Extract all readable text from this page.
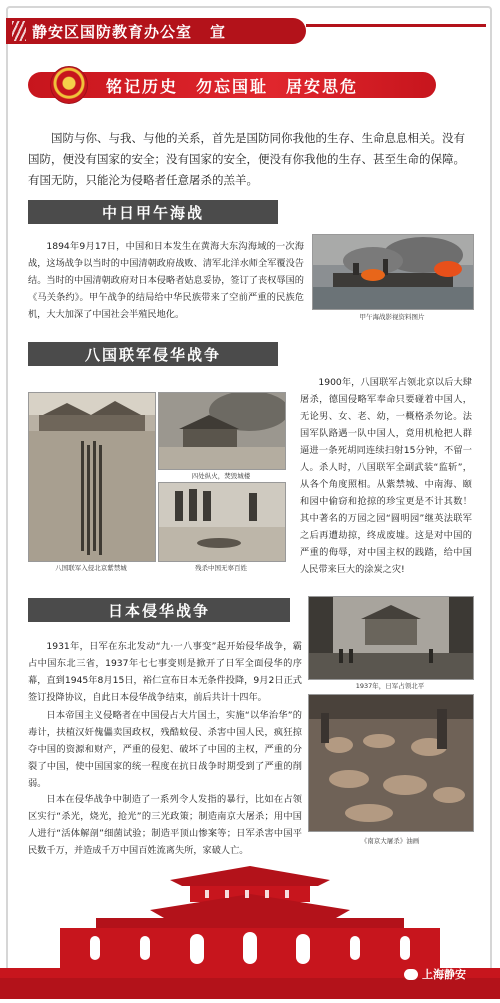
静安区国防教育办公室 宣
铭记历史　勿忘国耻　居安思危

国防与你、与我、与他的关系，首先是国防同你我他的生存、生命息息相关。没有国防，便没有国家的安全；没有国家的安全，便没有你我他的生存、甚至生命的保障。有国无防，只能沦为侵略者任意屠杀的羔羊。

中日甲午海战

1894年9月17日，中国和日本发生在黄海大东沟海域的一次海战，这场战争以当时的中国清朝政府战败、清军北洋水师全军覆没告结。当时的中国清朝政府对日本侵略者姑息妥协，签订了丧权辱国的《马关条约》。甲午战争的结局给中华民族带来了空前严重的民族危机，大大加深了中国社会半殖民地化。	甲午海战影视资料图片
八国联军侵华战争
八国联军入侵北京紫禁城
四处纵火，焚毁城楼
残杀中国无辜百姓

1900年，八国联军占领北京以后大肆屠杀，德国侵略军奉命只要碰着中国人，无论男、女、老、幼，一概格杀勿论。法国军队路遇一队中国人，竟用机枪把人群逼进一条死胡同连续扫射15分钟，不留一人。杀人时，八国联军全副武装“监斩”，从各个角度照相。从紫禁城、中南海、颐和园中偷窃和抢掠的珍宝更是不计其数！其中著名的万园之园“圆明园”继英法联军之后再遭劫掠，终成废墟。这是对中国的严重的侮辱，对中国主权的践踏，给中国人民带来巨大的涂炭之灾!

日本侵华战争
1937年，日军占领北平

1931年，日军在东北发动“九·一八事变”起开始侵华战争，霸占中国东北三省，1937年七七事变则是掀开了日军全面侵华的序幕，直到1945年8月15日，裕仁宣布日本无条件投降，9月2日正式签订投降协议，自此日本侵华战争结束，前后共计十四年。

日本帝国主义侵略者在中国侵占大片国土，实施“以华治华”的毒计，扶植汉奸傀儡卖国政权，残酷蚊侵、杀害中国人民，疯狂掠夺中国的资源和财产，严重的侵犯、破坏了中国的主权，严重的分裂了中国，使中国国家的统一程度在抗日战争时期受到了严重的削弱。

日本在侵华战争中制造了一系列令人发指的暴行，比如在占领区实行“杀光，烧光，抢光”的三光政策；制造南京大屠杀；用中国人进行“活体解剖”细菌试验；制造平顶山惨案等；日军杀害中国平民数千万，并造成千万中国百姓流离失所，家破人亡。

《南京大屠杀》油画
上海静安
